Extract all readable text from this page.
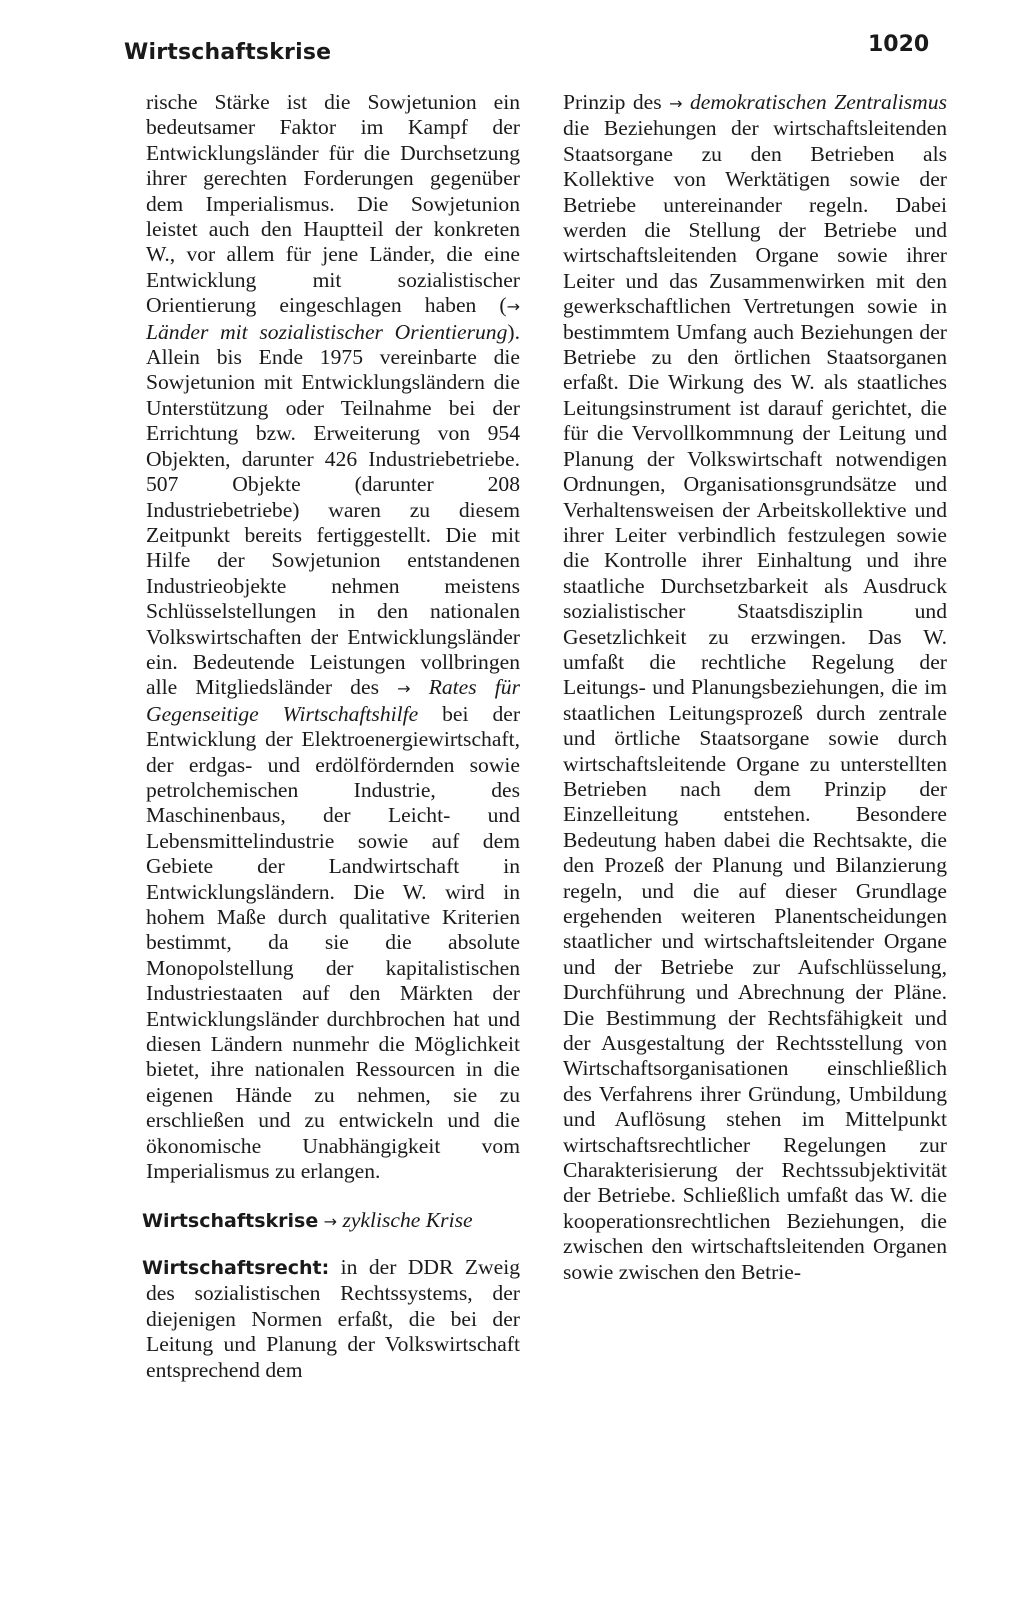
Wirtschaftskrise	1020

rische Stärke ist die Sowjetunion ein bedeutsamer Faktor im Kampf der Entwicklungsländer für die Durchsetzung ihrer gerechten Forderungen gegenüber dem Imperialismus. Die Sowjetunion leistet auch den Hauptteil der konkreten W., vor allem für jene Länder, die eine Entwicklung mit sozialistischer Orientierung eingeschlagen haben (→ Länder mit sozialistischer Orientierung). Allein bis Ende 1975 vereinbarte die Sowjetunion mit Entwicklungsländern die Unterstützung oder Teilnahme bei der Errichtung bzw. Erweiterung von 954 Objekten, darunter 426 Industriebetriebe. 507 Objekte (darunter 208 Industriebetriebe) waren zu diesem Zeitpunkt bereits fertiggestellt. Die mit Hilfe der Sowjetunion entstandenen Industrieobjekte nehmen meistens Schlüsselstellungen in den nationalen Volkswirtschaften der Entwicklungsländer ein. Bedeutende Leistungen vollbringen alle Mitgliedsländer des → Rates für Gegenseitige Wirtschaftshilfe bei der Entwicklung der Elektroenergiewirtschaft, der erdgas- und erdölfördernden sowie petrolchemischen Industrie, des Maschinenbaus, der Leicht- und Lebensmittelindustrie sowie auf dem Gebiete der Landwirtschaft in Entwicklungsländern. Die W. wird in hohem Maße durch qualitative Kriterien bestimmt, da sie die absolute Monopolstellung der kapitalistischen Industriestaaten auf den Märkten der Entwicklungsländer durchbrochen hat und diesen Ländern nunmehr die Möglichkeit bietet, ihre nationalen Ressourcen in die eigenen Hände zu nehmen, sie zu erschließen und zu entwickeln und die ökonomische Unabhängigkeit vom Imperialismus zu erlangen.

Wirtschaftskrise → zyklische Krise

Wirtschaftsrecht: in der DDR Zweig des sozialistischen Rechtssystems, der diejenigen Normen erfaßt, die bei der Leitung und Planung der Volkswirtschaft entsprechend dem

Prinzip des → demokratischen Zentralismus die Beziehungen der wirtschaftsleitenden Staatsorgane zu den Betrieben als Kollektive von Werktätigen sowie der Betriebe untereinander regeln. Dabei werden die Stellung der Betriebe und wirtschaftsleitenden Organe sowie ihrer Leiter und das Zusammenwirken mit den gewerkschaftlichen Vertretungen sowie in bestimmtem Umfang auch Beziehungen der Betriebe zu den örtlichen Staatsorganen erfaßt. Die Wirkung des W. als staatliches Leitungsinstrument ist darauf gerichtet, die für die Vervollkommnung der Leitung und Planung der Volkswirtschaft notwendigen Ordnungen, Organisationsgrundsätze und Verhaltensweisen der Arbeitskollektive und ihrer Leiter verbindlich festzulegen sowie die Kontrolle ihrer Einhaltung und ihre staatliche Durchsetzbarkeit als Ausdruck sozialistischer Staatsdisziplin und Gesetzlichkeit zu erzwingen. Das W. umfaßt die rechtliche Regelung der Leitungs- und Planungsbeziehungen, die im staatlichen Leitungsprozeß durch zentrale und örtliche Staatsorgane sowie durch wirtschaftsleitende Organe zu unterstellten Betrieben nach dem Prinzip der Einzelleitung entstehen. Besondere Bedeutung haben dabei die Rechtsakte, die den Prozeß der Planung und Bilanzierung regeln, und die auf dieser Grundlage ergehenden weiteren Planentscheidungen staatlicher und wirtschaftsleitender Organe und der Betriebe zur Aufschlüsselung, Durchführung und Abrechnung der Pläne. Die Bestimmung der Rechtsfähigkeit und der Ausgestaltung der Rechtsstellung von Wirtschaftsorganisationen einschließlich des Verfahrens ihrer Gründung, Umbildung und Auflösung stehen im Mittelpunkt wirtschaftsrechtlicher Regelungen zur Charakterisierung der Rechtssubjektivität der Betriebe. Schließlich umfaßt das W. die kooperationsrechtlichen Beziehungen, die zwischen den wirtschaftsleitenden Organen sowie zwischen den Betrie-
